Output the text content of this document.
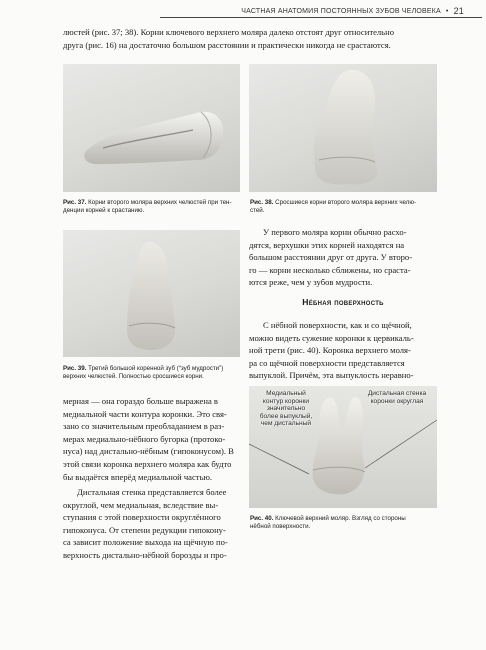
ЧАСТНАЯ АНАТОМИЯ ПОСТОЯННЫХ ЗУБОВ ЧЕЛОВЕКА • 21

люстей (рис. 37; 38). Корни ключевого верхнего моляра далеко отстоят друг относительно

друга (рис. 16) на достаточно большом расстоянии и практически никогда не срастаются.

Рис. 37. Корни второго моляра верхних челюстей при тен-
денции корней к срастанию.
Рис. 38. Сросшиеся корни второго моляра верхних челю-
стей.
Рис. 39. Третий большой коренной зуб (“зуб мудрости”)
верхних челюстей. Полностью сросшиеся корни.

У первого моляра корни обычно расхо-

дятся, верхушки этих корней находятся на

большом расстоянии друг от друга. У второ-

го — корни несколько сближены, но сраста-

ются реже, чем у зубов мудрости.

Нёбная поверхность

С нёбной поверхности, как и со щёчной,

можно видеть сужение коронки к цервикаль-

ной трети (рис. 40). Коронка верхнего моля-

ра со щёчной поверхности представляется

выпуклой. Причём, эта выпуклость неравно-

мерная — она гораздо больше выражена в

медиальной части контура коронки. Это свя-

зано со значительным преобладанием в раз-

мерах медиально-нёбного бугорка (протоко-

нуса) над дистально-нёбным (гипоконусом). В

этой связи коронка верхнего моляра как будто

бы выдаётся вперёд медиальной частью.

Дистальная стенка представляется более

округлой, чем медиальная, вследствие вы-

ступания с этой поверхности округлённого

гипоконуса. От степени редукции гипокону-

са зависит положение выхода на щёчную по-

верхность дистально-нёбной борозды и про-

Медиальный
контур коронки
значительно
более выпуклый,
чем дистальный
Дистальная стенка
коронки округлая
Рис. 40. Ключевой верхний моляр. Взгляд со стороны
нёбной поверхности.
